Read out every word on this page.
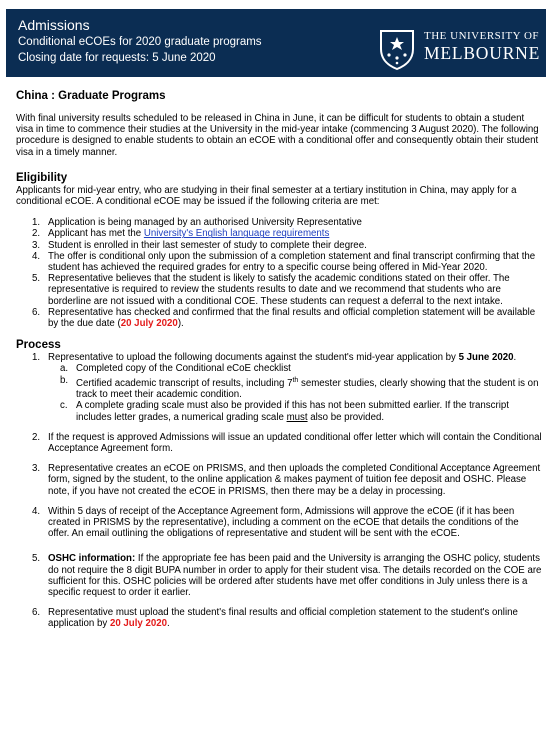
Admissions
Conditional eCOEs for 2020 graduate programs
Closing date for requests: 5 June 2020
THE UNIVERSITY OF
MELBOURNE
China : Graduate Programs

With final university results scheduled to be released in China in June, it can be difficult for students to obtain a student visa in time to commence their studies at the University in the mid-year intake (commencing 3 August 2020). The following procedure is designed to enable students to obtain an eCOE with a conditional offer and consequently obtain their student visa in a timely manner.

Eligibility

Applicants for mid-year entry, who are studying in their final semester at a tertiary institution in China, may apply for a conditional eCOE. A conditional eCOE may be issued if the following criteria are met:

1. Application is being managed by an authorised University Representative
2. Applicant has met the University's English language requirements
3. Student is enrolled in their last semester of study to complete their degree.
4. The offer is conditional only upon the submission of a completion statement and final transcript confirming that the student has achieved the required grades for entry to a specific course being offered in Mid-Year 2020.
5. Representative believes that the student is likely to satisfy the academic conditions stated on their offer. The representative is required to review the students results to date and we recommend that students who are borderline are not issued with a conditional COE. These students can request a deferral to the next intake.
6. Representative has checked and confirmed that the final results and official completion statement will be available by the due date (20 July 2020).
Process
1. Representative to upload the following documents against the student's mid-year application by 5 June 2020.
a. Completed copy of the Conditional eCoE checklist
b. Certified academic transcript of results, including 7th semester studies, clearly showing that the student is on track to meet their academic condition.
c. A complete grading scale must also be provided if this has not been submitted earlier. If the transcript includes letter grades, a numerical grading scale must also be provided.
2. If the request is approved Admissions will issue an updated conditional offer letter which will contain the Conditional Acceptance Agreement form.
3. Representative creates an eCOE on PRISMS, and then uploads the completed Conditional Acceptance Agreement form, signed by the student, to the online application & makes payment of tuition fee deposit and OSHC. Please note, if you have not created the eCOE in PRISMS, then there may be a delay in processing.
4. Within 5 days of receipt of the Acceptance Agreement form, Admissions will approve the eCOE (if it has been created in PRISMS by the representative), including a comment on the eCOE that details the conditions of the offer. An email outlining the obligations of representative and student will be sent with the eCOE.
5. OSHC information: If the appropriate fee has been paid and the University is arranging the OSHC policy, students do not require the 8 digit BUPA number in order to apply for their student visa. The details recorded on the COE are sufficient for this. OSHC policies will be ordered after students have met offer conditions in July unless there is a specific request to order it earlier.
6. Representative must upload the student's final results and official completion statement to the student's online application by 20 July 2020.
